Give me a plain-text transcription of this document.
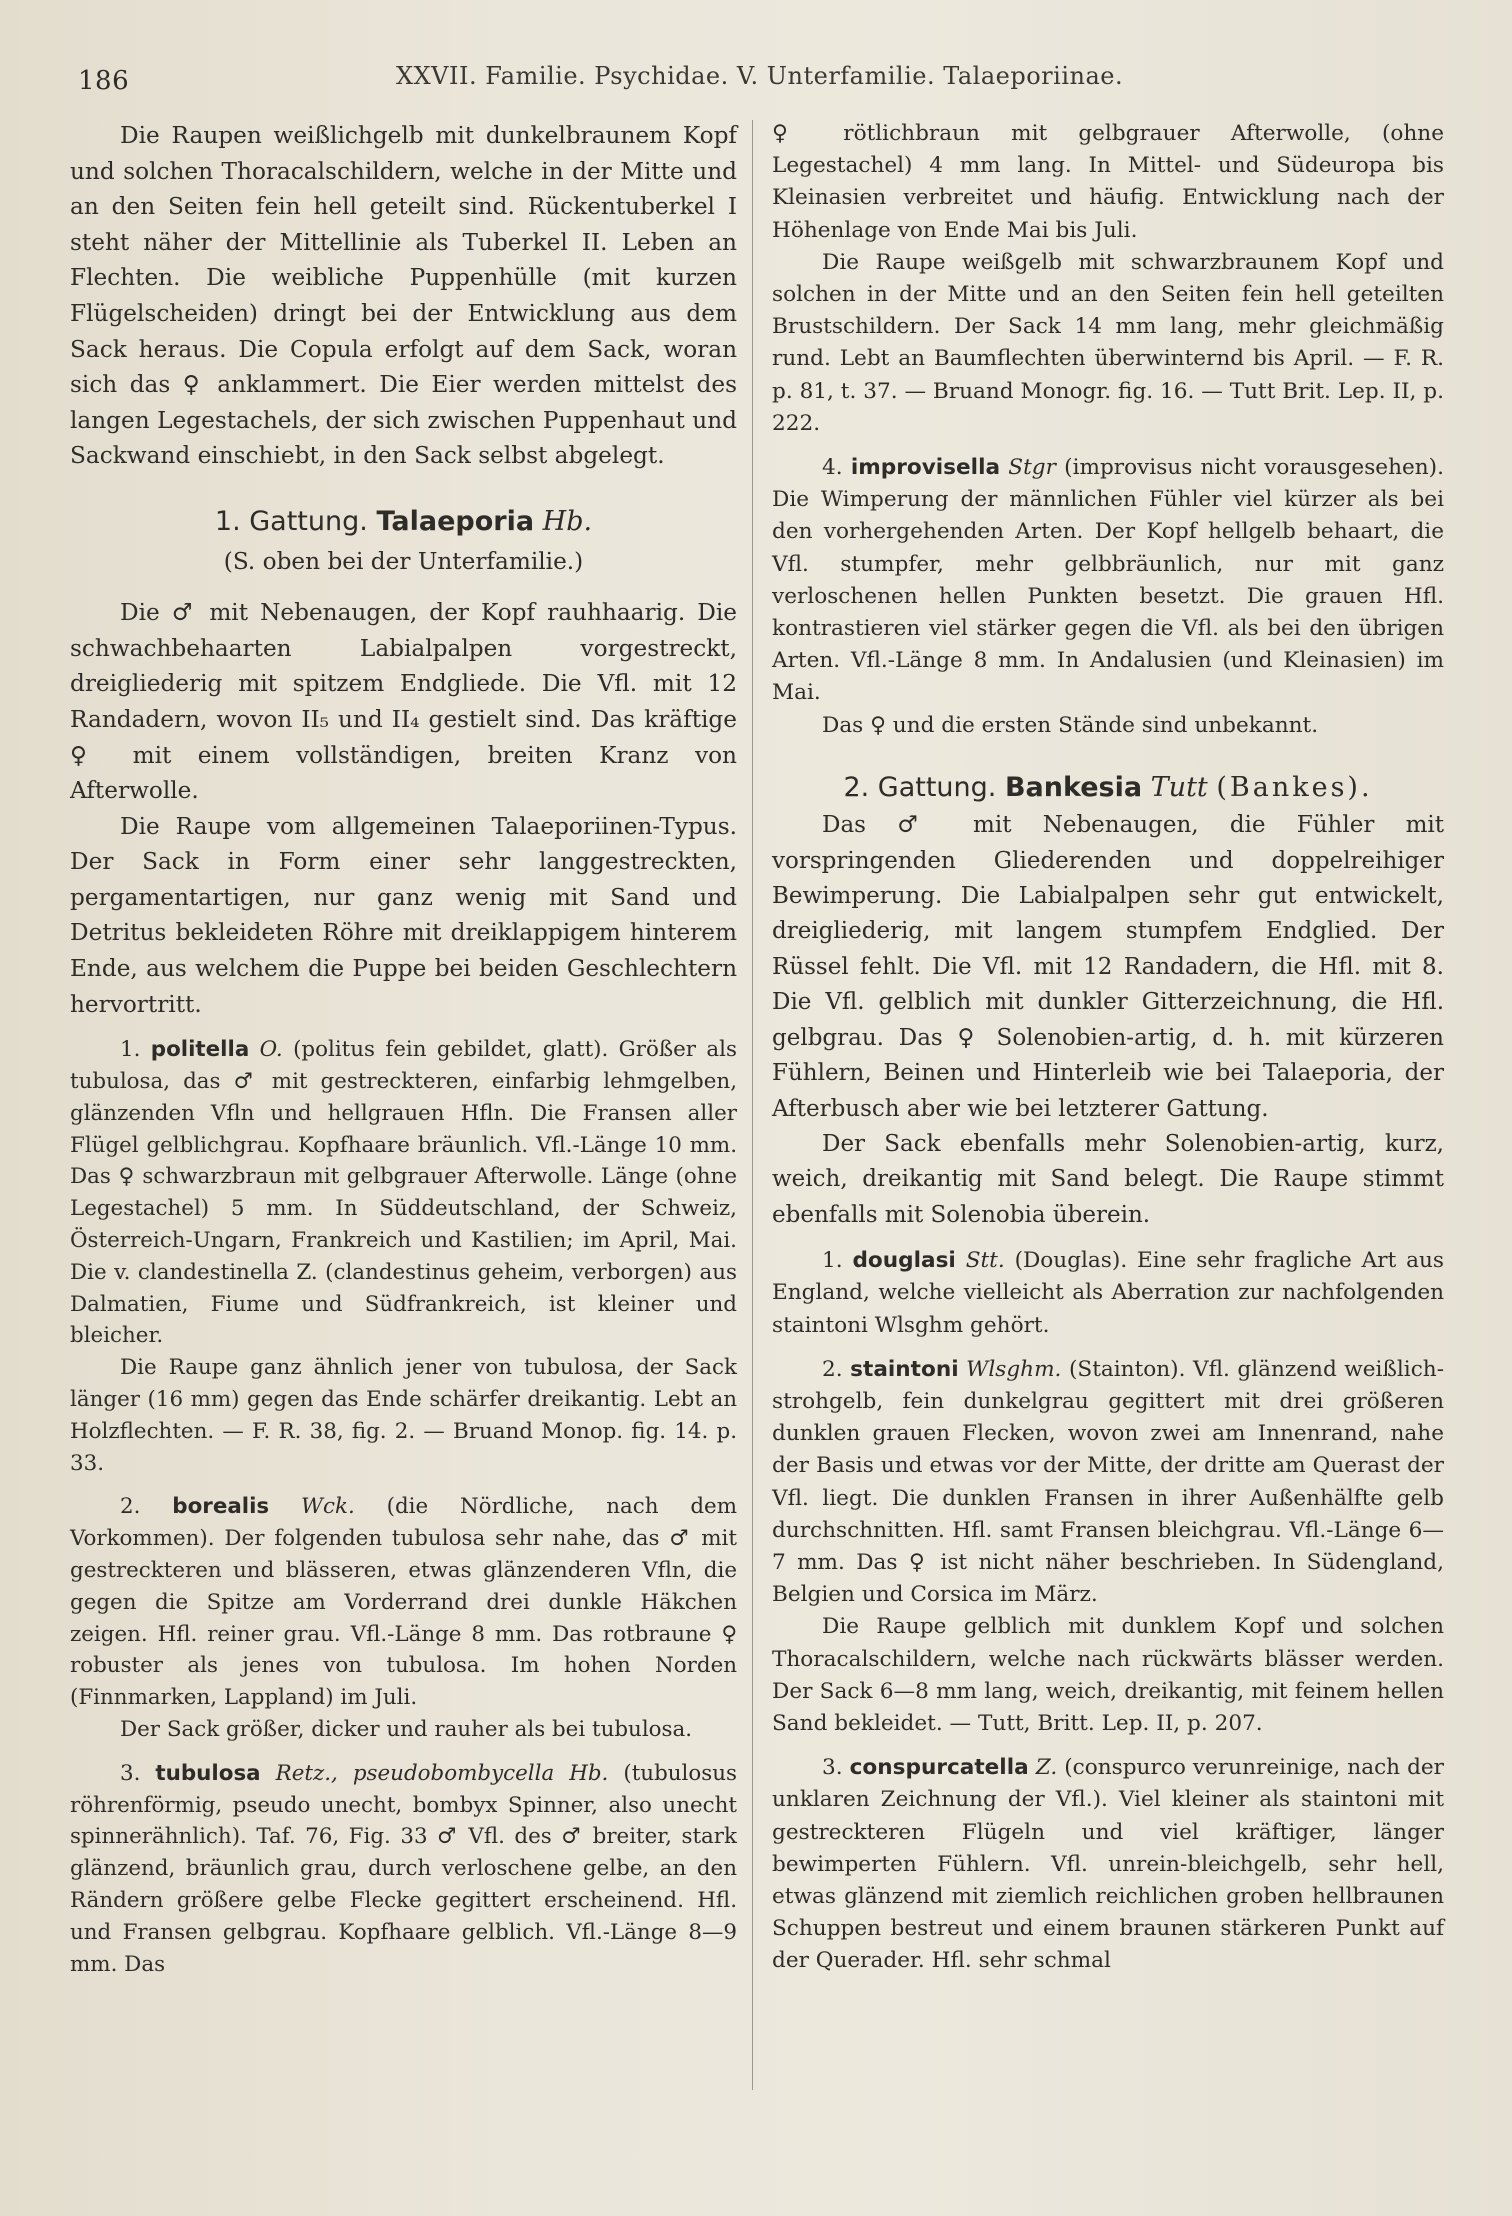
186	XXVII. Familie. Psychidae. V. Unterfamilie. Talaeporiinae.

Die Raupen weißlichgelb mit dunkelbraunem Kopf und solchen Thoracalschildern, welche in der Mitte und an den Seiten fein hell geteilt sind. Rückentuberkel I steht näher der Mittellinie als Tuberkel II. Leben an Flechten. Die weibliche Puppenhülle (mit kurzen Flügelscheiden) dringt bei der Entwicklung aus dem Sack heraus. Die Copula erfolgt auf dem Sack, woran sich das ♀ anklammert. Die Eier werden mittelst des langen Legestachels, der sich zwischen Puppenhaut und Sackwand einschiebt, in den Sack selbst abgelegt.

1. Gattung. Talaeporia Hb.

(S. oben bei der Unterfamilie.)

Die ♂ mit Nebenaugen, der Kopf rauhhaarig. Die schwachbehaarten Labialpalpen vorgestreckt, dreigliederig mit spitzem Endgliede. Die Vfl. mit 12 Randadern, wovon II₅ und II₄ gestielt sind. Das kräftige ♀ mit einem vollständigen, breiten Kranz von Afterwolle.

Die Raupe vom allgemeinen Talaeporiinen-Typus. Der Sack in Form einer sehr langgestreckten, pergamentartigen, nur ganz wenig mit Sand und Detritus bekleideten Röhre mit dreiklappigem hinterem Ende, aus welchem die Puppe bei beiden Geschlechtern hervortritt.

1. politella O. (politus fein gebildet, glatt). Größer als tubulosa, das ♂ mit gestreckteren, einfarbig lehmgelben, glänzenden Vfln und hellgrauen Hfln. Die Fransen aller Flügel gelblichgrau. Kopfhaare bräunlich. Vfl.-Länge 10 mm. Das ♀ schwarzbraun mit gelbgrauer Afterwolle. Länge (ohne Legestachel) 5 mm. In Süddeutschland, der Schweiz, Österreich-Ungarn, Frankreich und Kastilien; im April, Mai. Die v. clandestinella Z. (clandestinus geheim, verborgen) aus Dalmatien, Fiume und Südfrankreich, ist kleiner und bleicher.

Die Raupe ganz ähnlich jener von tubulosa, der Sack länger (16 mm) gegen das Ende schärfer dreikantig. Lebt an Holzflechten. — F. R. 38, fig. 2. — Bruand Monop. fig. 14. p. 33.

2. borealis Wck. (die Nördliche, nach dem Vorkommen). Der folgenden tubulosa sehr nahe, das ♂ mit gestreckteren und blässeren, etwas glänzenderen Vfln, die gegen die Spitze am Vorderrand drei dunkle Häkchen zeigen. Hfl. reiner grau. Vfl.-Länge 8 mm. Das rotbraune ♀ robuster als jenes von tubulosa. Im hohen Norden (Finnmarken, Lappland) im Juli.

Der Sack größer, dicker und rauher als bei tubulosa.

3. tubulosa Retz., pseudobombycella Hb. (tubulosus röhrenförmig, pseudo unecht, bombyx Spinner, also unecht spinnerähnlich). Taf. 76, Fig. 33 ♂ Vfl. des ♂ breiter, stark glänzend, bräunlich grau, durch verloschene gelbe, an den Rändern größere gelbe Flecke gegittert erscheinend. Hfl. und Fransen gelbgrau. Kopfhaare gelblich. Vfl.-Länge 8—9 mm. Das

♀ rötlichbraun mit gelbgrauer Afterwolle, (ohne Legestachel) 4 mm lang. In Mittel- und Südeuropa bis Kleinasien verbreitet und häufig. Entwicklung nach der Höhenlage von Ende Mai bis Juli.

Die Raupe weißgelb mit schwarzbraunem Kopf und solchen in der Mitte und an den Seiten fein hell geteilten Brustschildern. Der Sack 14 mm lang, mehr gleichmäßig rund. Lebt an Baumflechten überwinternd bis April. — F. R. p. 81, t. 37. — Bruand Monogr. fig. 16. — Tutt Brit. Lep. II, p. 222.

4. improvisella Stgr (improvisus nicht vorausgesehen). Die Wimperung der männlichen Fühler viel kürzer als bei den vorhergehenden Arten. Der Kopf hellgelb behaart, die Vfl. stumpfer, mehr gelbbräunlich, nur mit ganz verloschenen hellen Punkten besetzt. Die grauen Hfl. kontrastieren viel stärker gegen die Vfl. als bei den übrigen Arten. Vfl.-Länge 8 mm. In Andalusien (und Kleinasien) im Mai.

Das ♀ und die ersten Stände sind unbekannt.

2. Gattung. Bankesia Tutt (Bankes).

Das ♂ mit Nebenaugen, die Fühler mit vorspringenden Gliederenden und doppelreihiger Bewimperung. Die Labialpalpen sehr gut entwickelt, dreigliederig, mit langem stumpfem Endglied. Der Rüssel fehlt. Die Vfl. mit 12 Randadern, die Hfl. mit 8. Die Vfl. gelblich mit dunkler Gitterzeichnung, die Hfl. gelbgrau. Das ♀ Solenobien-artig, d. h. mit kürzeren Fühlern, Beinen und Hinterleib wie bei Talaeporia, der Afterbusch aber wie bei letzterer Gattung.

Der Sack ebenfalls mehr Solenobien-artig, kurz, weich, dreikantig mit Sand belegt. Die Raupe stimmt ebenfalls mit Solenobia überein.

1. douglasi Stt. (Douglas). Eine sehr fragliche Art aus England, welche vielleicht als Aberration zur nachfolgenden staintoni Wlsghm gehört.

2. staintoni Wlsghm. (Stainton). Vfl. glänzend weißlich-strohgelb, fein dunkelgrau gegittert mit drei größeren dunklen grauen Flecken, wovon zwei am Innenrand, nahe der Basis und etwas vor der Mitte, der dritte am Querast der Vfl. liegt. Die dunklen Fransen in ihrer Außenhälfte gelb durchschnitten. Hfl. samt Fransen bleichgrau. Vfl.-Länge 6—7 mm. Das ♀ ist nicht näher beschrieben. In Südengland, Belgien und Corsica im März.

Die Raupe gelblich mit dunklem Kopf und solchen Thoracalschildern, welche nach rückwärts blässer werden. Der Sack 6—8 mm lang, weich, dreikantig, mit feinem hellen Sand bekleidet. — Tutt, Britt. Lep. II, p. 207.

3. conspurcatella Z. (conspurco verunreinige, nach der unklaren Zeichnung der Vfl.). Viel kleiner als staintoni mit gestreckteren Flügeln und viel kräftiger, länger bewimperten Fühlern. Vfl. unrein-bleichgelb, sehr hell, etwas glänzend mit ziemlich reichlichen groben hellbraunen Schuppen bestreut und einem braunen stärkeren Punkt auf der Querader. Hfl. sehr schmal
